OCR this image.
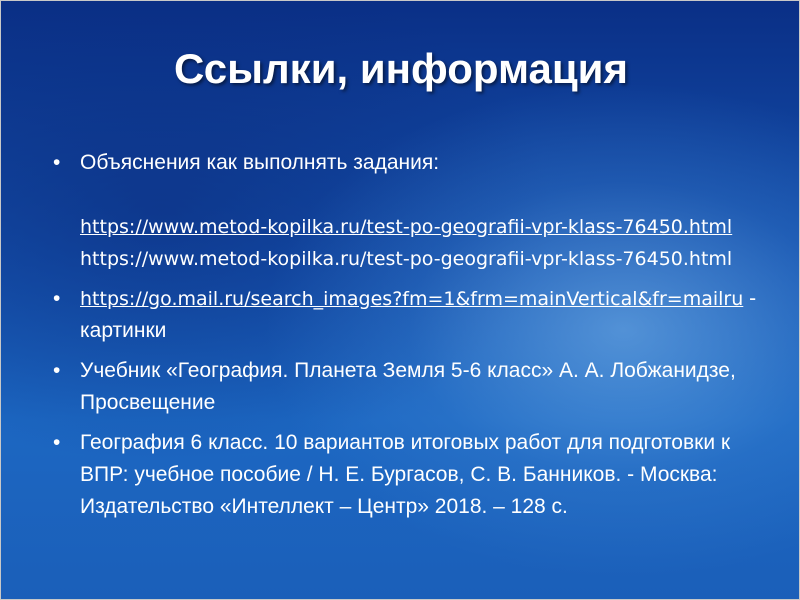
Ссылки, информация
• Объяснения как выполнять задания:
https://www.metod-kopilka.ru/test-po-geografii-vpr-klass-76450.html
https://www.metod-kopilka.ru/test-po-geografii-vpr-klass-76450.html
•	https://go.mail.ru/search_images?fm=1&frm=mainVertical&fr=mailru - картинки
• Учебник «География. Планета Земля 5-6 класс» А. А. Лобжанидзе, Просвещение
• География 6 класс. 10 вариантов итоговых работ для подготовки к ВПР: учебное пособие / Н. Е. Бургасов, С. В. Банников. - Москва: Издательство «Интеллект – Центр» 2018. – 128 с.
